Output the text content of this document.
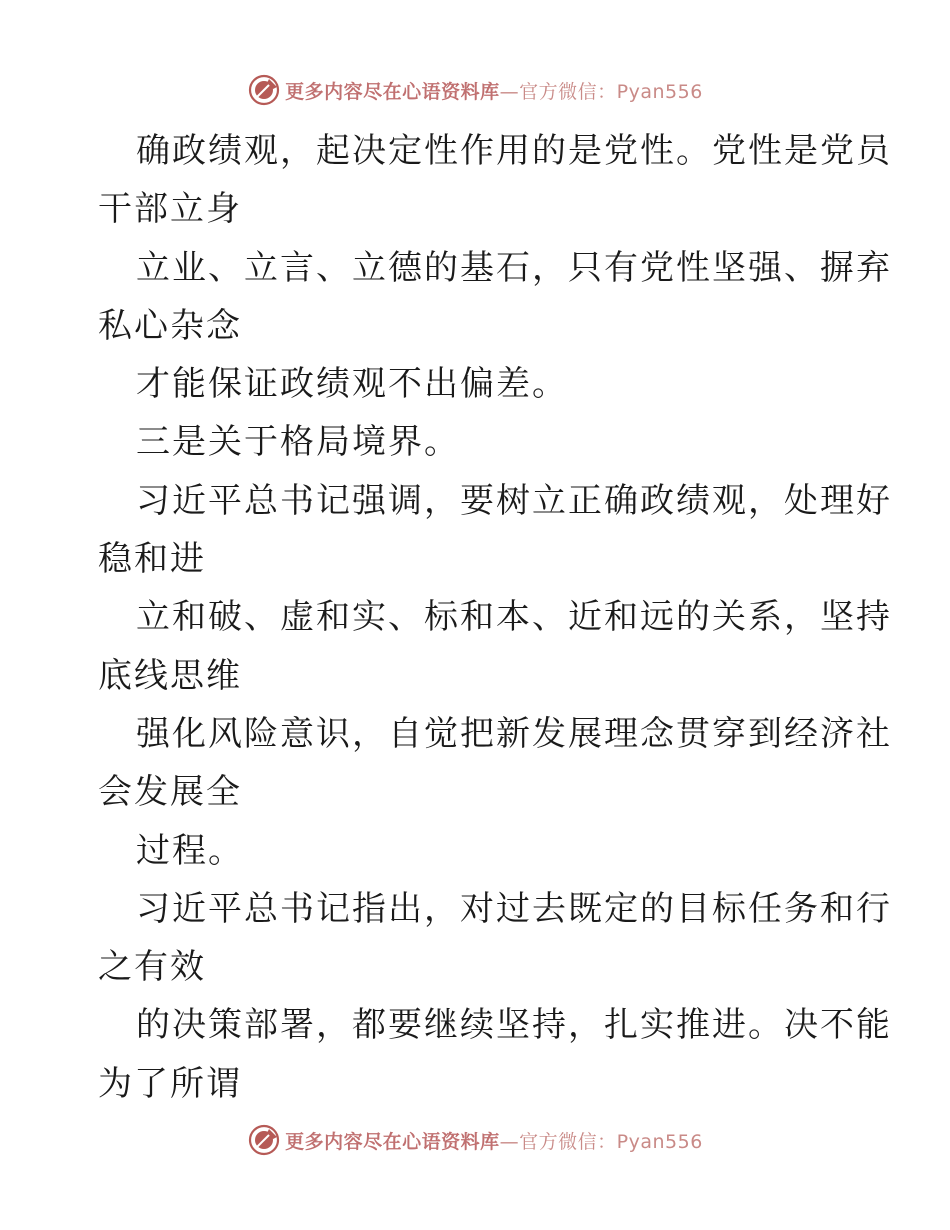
更多内容尽在心语资料库—官方微信：Pyan556
确政绩观，起决定性作用的是党性。党性是党员
干部立身
立业、立言、立德的基石，只有党性坚强、摒弃
私心杂念
才能保证政绩观不出偏差。
三是关于格局境界。
习近平总书记强调，要树立正确政绩观，处理好
稳和进
立和破、虚和实、标和本、近和远的关系，坚持
底线思维
强化风险意识，自觉把新发展理念贯穿到经济社
会发展全
过程。
习近平总书记指出，对过去既定的目标任务和行
之有效
的决策部署，都要继续坚持，扎实推进。决不能
为了所谓
更多内容尽在心语资料库—官方微信：Pyan556
